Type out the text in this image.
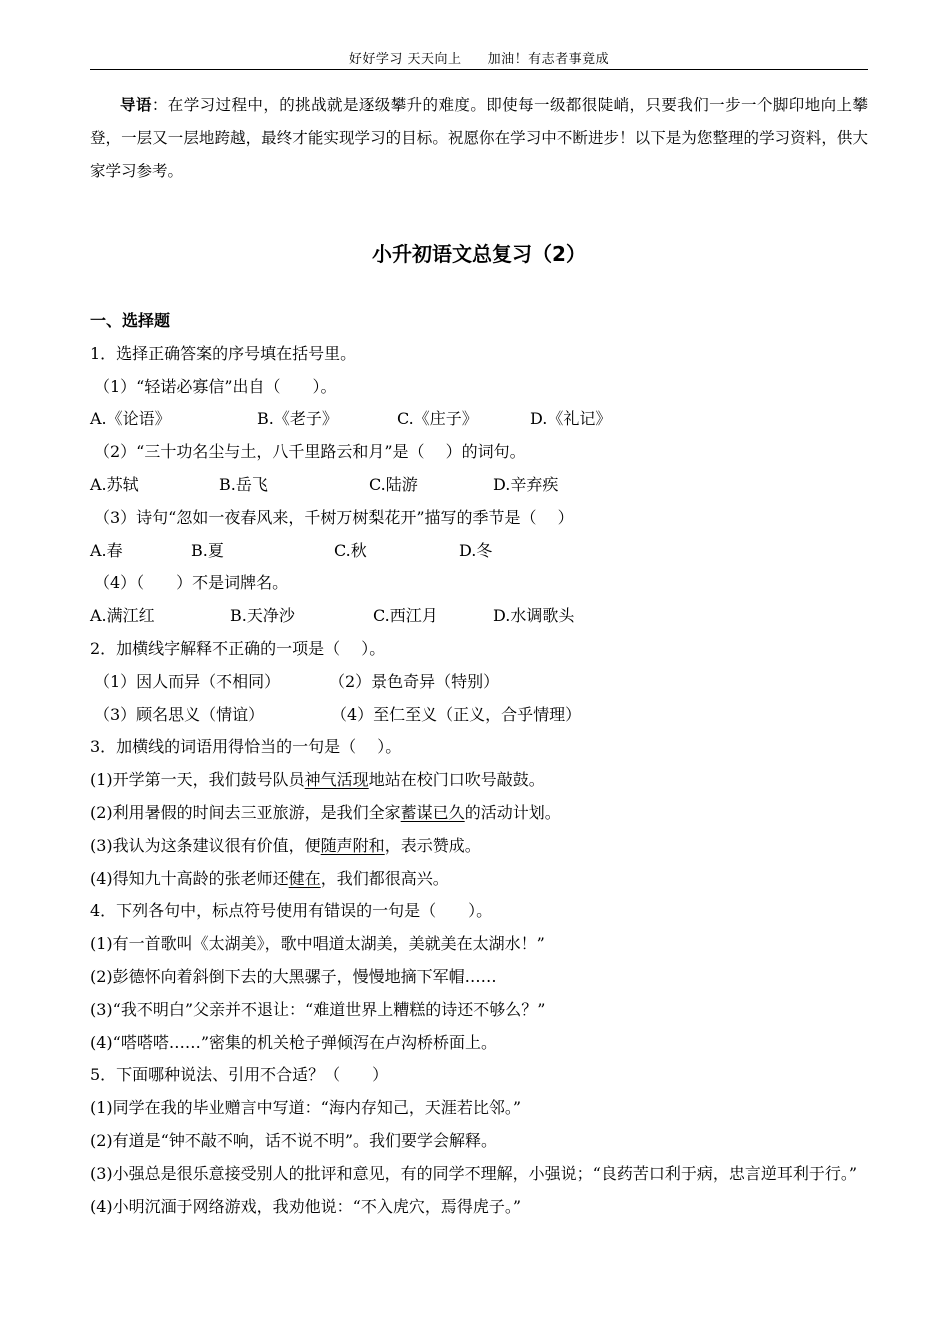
好好学习 天天向上 加油！有志者事竟成
导语：在学习过程中，的挑战就是逐级攀升的难度。即使每一级都很陡峭，只要我们一步一个脚印地向上攀登，一层又一层地跨越，最终才能实现学习的目标。祝愿你在学习中不断进步！以下是为您整理的学习资料，供大家学习参考。
小升初语文总复习（2）
一、选择题
1．选择正确答案的序号填在括号里。
（1）“轻诺必寡信”出自（　　）。
A.《论语》	B.《老子》	C.《庄子》	D.《礼记》
（2）“三十功名尘与土，八千里路云和月”是（　 ）的词句。
A.苏轼	B.岳飞	C.陆游	D.辛弃疾
（3）诗句“忽如一夜春风来，千树万树梨花开”描写的季节是（　 ）
A.春	B.夏	C.秋	D.冬
（4）（　　）不是词牌名。
A.满江红	B.天净沙	C.西江月	D.水调歌头
2．加横线字解释不正确的一项是（　 ）。
（1）因人而异（不相同）	（2）景色奇异（特别）
（3）顾名思义（情谊）	（4）至仁至义（正义，合乎情理）
3．加横线的词语用得恰当的一句是（　 ）。
(1)开学第一天，我们鼓号队员神气活现地站在校门口吹号敲鼓。
(2)利用暑假的时间去三亚旅游，是我们全家蓄谋已久的活动计划。
(3)我认为这条建议很有价值，便随声附和，表示赞成。
(4)得知九十高龄的张老师还健在，我们都很高兴。
4．下列各句中，标点符号使用有错误的一句是（　　）。
(1)有一首歌叫《太湖美》，歌中唱道太湖美，美就美在太湖水！”
(2)彭德怀向着斜倒下去的大黑骡子，慢慢地摘下军帽……
(3)“我不明白”父亲并不退让：“难道世界上糟糕的诗还不够么？”
(4)“嗒嗒嗒……”密集的机关枪子弹倾泻在卢沟桥桥面上。
5．下面哪种说法、引用不合适？（　　）
(1)同学在我的毕业赠言中写道：“海内存知己，天涯若比邻。”
(2)有道是“钟不敲不响，话不说不明”。我们要学会解释。
(3)小强总是很乐意接受别人的批评和意见，有的同学不理解，小强说；“良药苦口利于病，忠言逆耳利于行。”
(4)小明沉湎于网络游戏，我劝他说：“不入虎穴，焉得虎子。”
